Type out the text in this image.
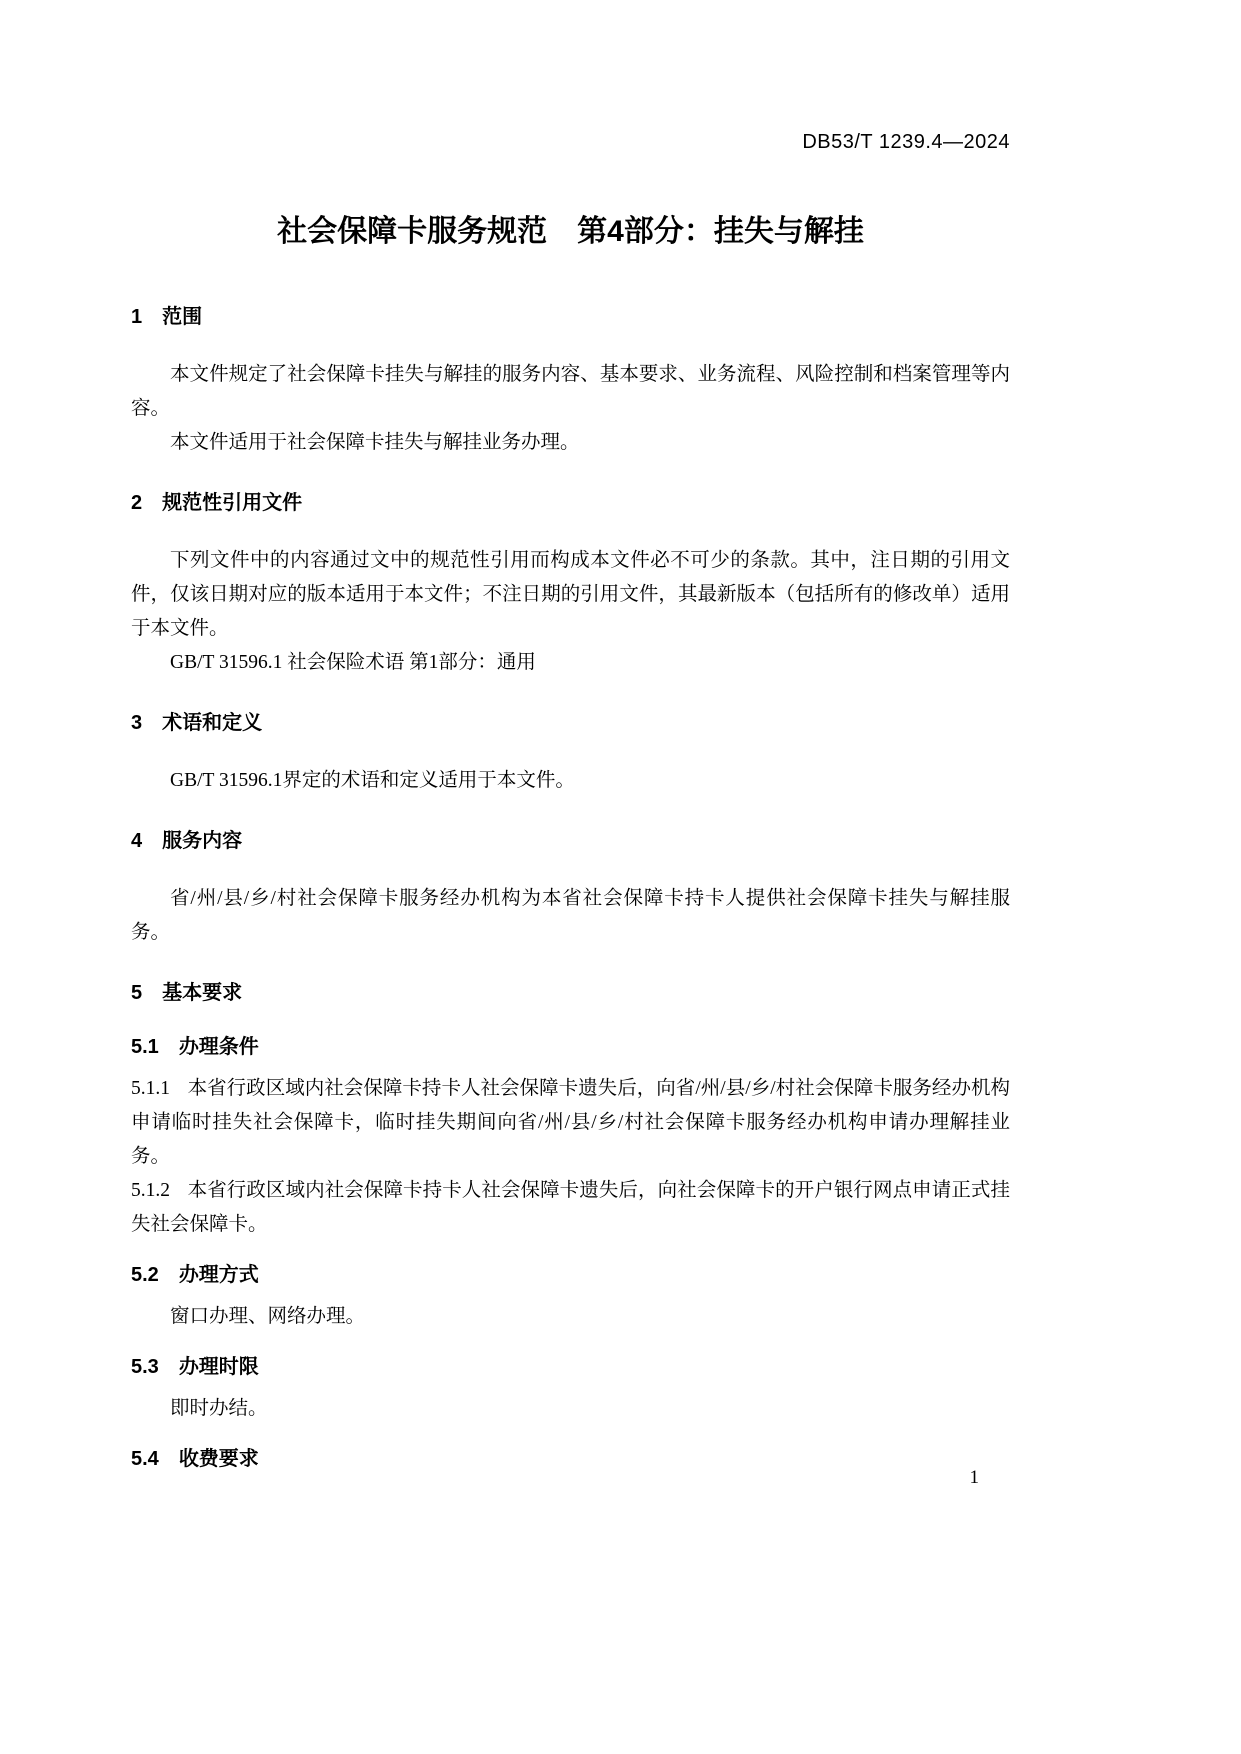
DB53/T 1239.4—2024
社会保障卡服务规范　第4部分：挂失与解挂
1 范围

本文件规定了社会保障卡挂失与解挂的服务内容、基本要求、业务流程、风险控制和档案管理等内容。

本文件适用于社会保障卡挂失与解挂业务办理。

2 规范性引用文件

下列文件中的内容通过文中的规范性引用而构成本文件必不可少的条款。其中，注日期的引用文件，仅该日期对应的版本适用于本文件；不注日期的引用文件，其最新版本（包括所有的修改单）适用于本文件。

GB/T 31596.1 社会保险术语 第1部分：通用

3 术语和定义

GB/T 31596.1界定的术语和定义适用于本文件。

4 服务内容

省/州/县/乡/村社会保障卡服务经办机构为本省社会保障卡持卡人提供社会保障卡挂失与解挂服务。

5 基本要求
5.1 办理条件

5.1.1 本省行政区域内社会保障卡持卡人社会保障卡遗失后，向省/州/县/乡/村社会保障卡服务经办机构申请临时挂失社会保障卡，临时挂失期间向省/州/县/乡/村社会保障卡服务经办机构申请办理解挂业务。

5.1.2 本省行政区域内社会保障卡持卡人社会保障卡遗失后，向社会保障卡的开户银行网点申请正式挂失社会保障卡。

5.2 办理方式

窗口办理、网络办理。

5.3 办理时限

即时办结。

5.4 收费要求
1
